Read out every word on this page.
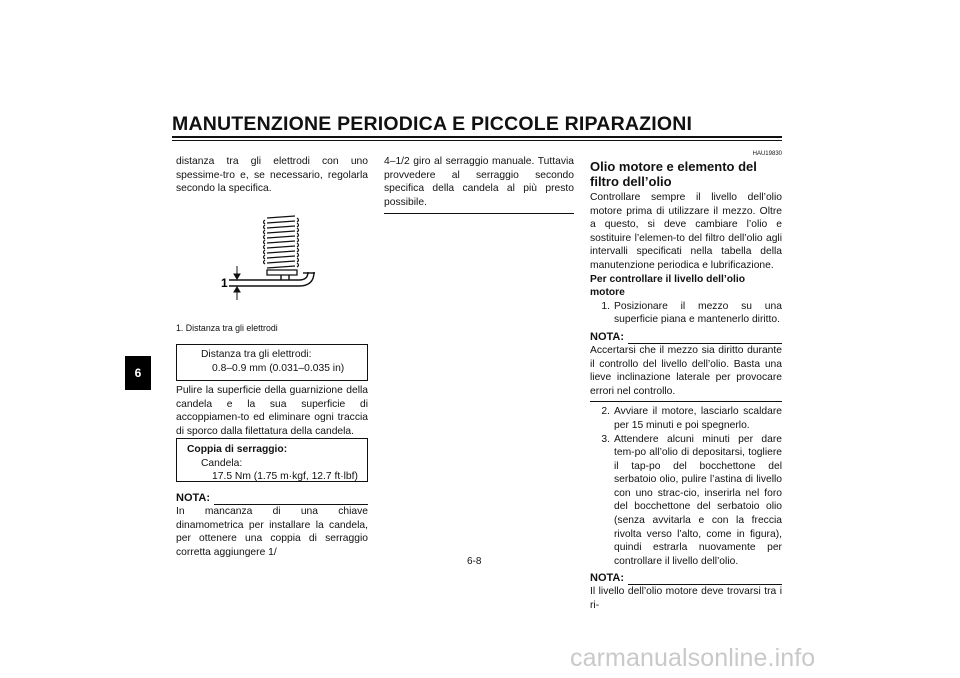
MANUTENZIONE PERIODICA E PICCOLE RIPARAZIONI
6

distanza tra gli elettrodi con uno spessime-tro e, se necessario, regolarla secondo la specifica.

1
1. Distanza tra gli elettrodi
Distanza tra gli elettrodi:
0.8–0.9 mm (0.031–0.035 in)

Pulire la superficie della guarnizione della candela e la sua superficie di accoppiamen-to ed eliminare ogni traccia di sporco dalla filettatura della candela.

Coppia di serraggio:
Candela:
17.5 Nm (1.75 m·kgf, 12.7 ft·lbf)
NOTA:

In mancanza di una chiave dinamometrica per installare la candela, per ottenere una coppia di serraggio corretta aggiungere 1/

4–1/2 giro al serraggio manuale. Tuttavia provvedere al serraggio secondo specifica della candela al più presto possibile.

HAU19830
Olio motore e elemento del filtro dell’olio

Controllare sempre il livello dell’olio motore prima di utilizzare il mezzo. Oltre a questo, si deve cambiare l’olio e sostituire l’elemen-to del filtro dell’olio agli intervalli specificati nella tabella della manutenzione periodica e lubrificazione.

Per controllare il livello dell’olio motore
1. Posizionare il mezzo su una superficie piana e mantenerlo diritto.
NOTA:

Accertarsi che il mezzo sia diritto durante il controllo del livello dell’olio. Basta una lieve inclinazione laterale per provocare errori nel controllo.

2. Avviare il motore, lasciarlo scaldare per 15 minuti e poi spegnerlo.
3. Attendere alcuni minuti per dare tem-po all’olio di depositarsi, togliere il tap-po del bocchettone del serbatoio olio, pulire l’astina di livello con uno strac-cio, inserirla nel foro del bocchettone del serbatoio olio (senza avvitarla e con la freccia rivolta verso l’alto, come in figura), quindi estrarla nuovamente per controllare il livello dell’olio.
NOTA:

Il livello dell’olio motore deve trovarsi tra i ri-

6-8
carmanualsonline.info
